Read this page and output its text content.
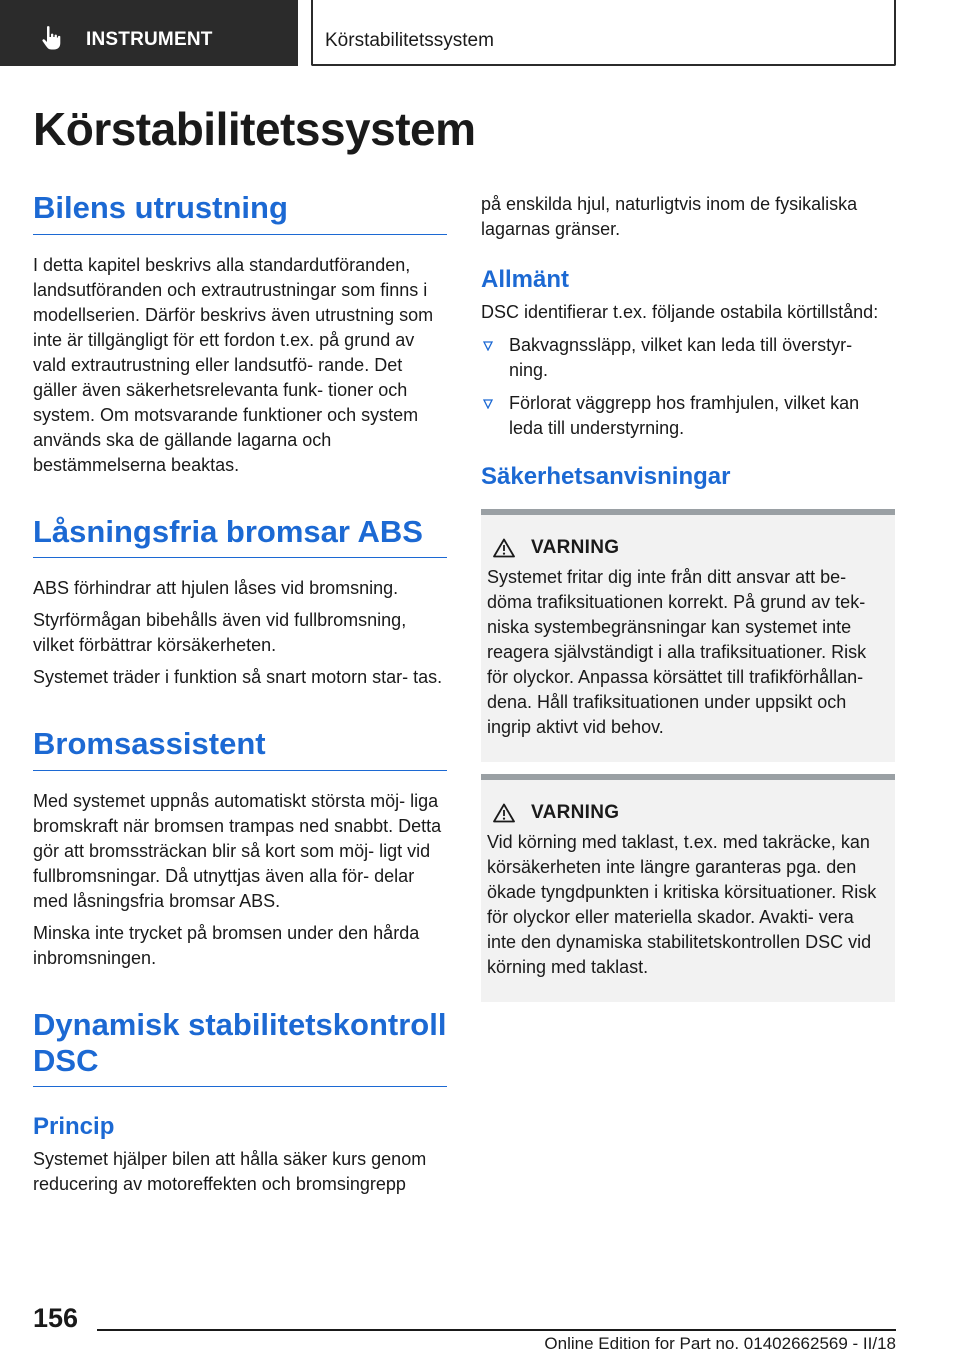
INSTRUMENT	Körstabilitetssystem
Körstabilitetssystem
Bilens utrustning

I detta kapitel beskrivs alla standardutföranden, landsutföranden och extrautrustningar som finns i modellserien. Därför beskrivs även utrustning som inte är tillgängligt för ett fordon t.ex. på grund av vald extrautrustning eller landsutfö‐ rande. Det gäller även säkerhetsrelevanta funk‐ tioner och system. Om motsvarande funktioner och system används ska de gällande lagarna och bestämmelserna beaktas.

Låsningsfria bromsar ABS

ABS förhindrar att hjulen låses vid bromsning.

Styrförmågan bibehålls även vid fullbromsning, vilket förbättrar körsäkerheten.

Systemet träder i funktion så snart motorn star‐ tas.

Bromsassistent

Med systemet uppnås automatiskt största möj‐ liga bromskraft när bromsen trampas ned snabbt. Detta gör att bromssträckan blir så kort som möj‐ ligt vid fullbromsningar. Då utnyttjas även alla för‐ delar med låsningsfria bromsar ABS.

Minska inte trycket på bromsen under den hårda inbromsningen.

Dynamisk stabilitetskontroll DSC
Princip

Systemet hjälper bilen att hålla säker kurs genom reducering av motoreffekten och bromsingrepp

på enskilda hjul, naturligtvis inom de fysikaliska lagarnas gränser.

Allmänt

DSC identifierar t.ex. följande ostabila körtillstånd:

Bakvagnssläpp, vilket kan leda till överstyr‐ ning.
Förlorat väggrepp hos framhjulen, vilket kan leda till understyrning.
Säkerhetsanvisningar
VARNING

Systemet fritar dig inte från ditt ansvar att be‐ döma trafiksituationen korrekt. På grund av tek‐ niska systembegränsningar kan systemet inte reagera självständigt i alla trafiksituationer. Risk för olyckor. Anpassa körsättet till trafikförhållan‐ dena. Håll trafiksituationen under uppsikt och ingrip aktivt vid behov.

VARNING

Vid körning med taklast, t.ex. med takräcke, kan körsäkerheten inte längre garanteras pga. den ökade tyngdpunkten i kritiska körsituationer. Risk för olyckor eller materiella skador. Avakti‐ vera inte den dynamiska stabilitetskontrollen DSC vid körning med taklast.

156
Online Edition for Part no. 01402662569 - II/18
